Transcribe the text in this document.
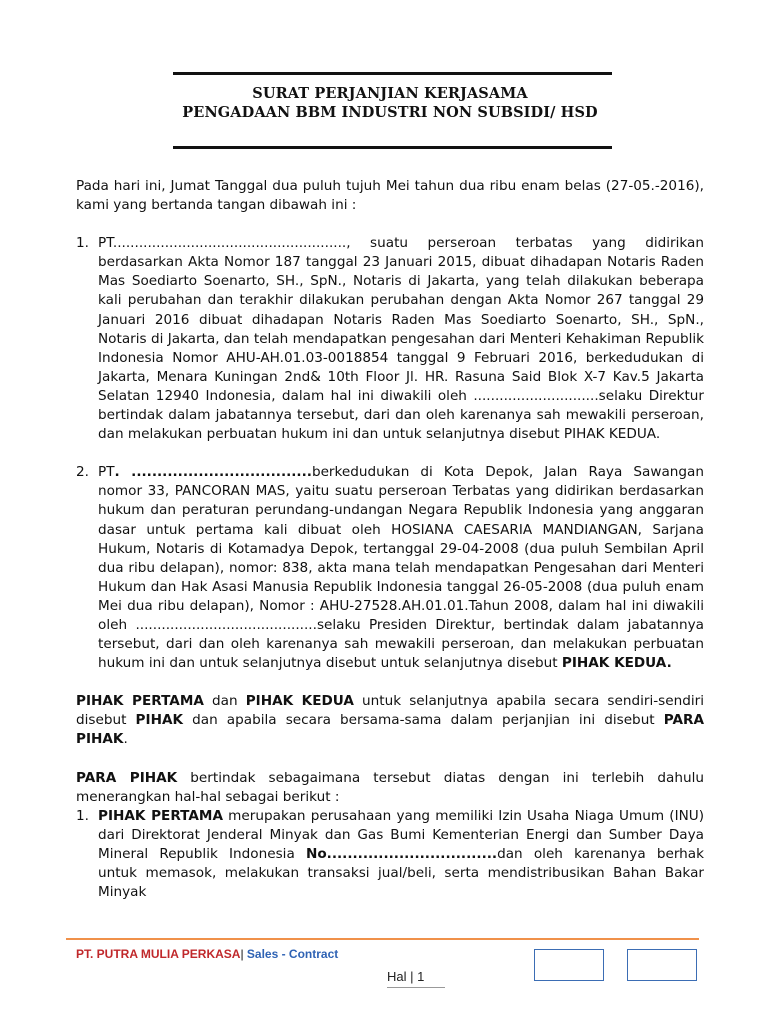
SURAT PERJANJIAN KERJASAMA
PENGADAAN BBM INDUSTRI NON SUBSIDI/ HSD

Pada hari ini, Jumat Tanggal dua puluh tujuh Mei tahun dua ribu enam belas (27-05.-2016), kami yang bertanda tangan dibawah ini :

1. PT......................................................, suatu perseroan terbatas yang didirikan berdasarkan Akta Nomor 187 tanggal 23 Januari 2015, dibuat dihadapan Notaris Raden Mas Soediarto Soenarto, SH., SpN., Notaris di Jakarta, yang telah dilakukan beberapa kali perubahan dan terakhir dilakukan perubahan dengan Akta Nomor 267 tanggal 29 Januari 2016 dibuat dihadapan Notaris Raden Mas Soediarto Soenarto, SH., SpN., Notaris di Jakarta, dan telah mendapatkan pengesahan dari Menteri Kehakiman Republik Indonesia Nomor AHU-AH.01.03-0018854 tanggal 9 Februari 2016, berkedudukan di Jakarta, Menara Kuningan 2nd& 10th Floor Jl. HR. Rasuna Said Blok X-7 Kav.5 Jakarta Selatan 12940 Indonesia, dalam hal ini diwakili oleh .............................selaku Direktur bertindak dalam jabatannya tersebut, dari dan oleh karenanya sah mewakili perseroan, dan melakukan perbuatan hukum ini dan untuk selanjutnya disebut PIHAK KEDUA.
2. PT. ...................................berkedudukan di Kota Depok, Jalan Raya Sawangan nomor 33, PANCORAN MAS, yaitu suatu perseroan Terbatas yang didirikan berdasarkan hukum dan peraturan perundang-undangan Negara Republik Indonesia yang anggaran dasar untuk pertama kali dibuat oleh HOSIANA CAESARIA MANDIANGAN, Sarjana Hukum, Notaris di Kotamadya Depok, tertanggal 29-04-2008 (dua puluh Sembilan April dua ribu delapan), nomor: 838, akta mana telah mendapatkan Pengesahan dari Menteri Hukum dan Hak Asasi Manusia Republik Indonesia tanggal 26-05-2008 (dua puluh enam Mei dua ribu delapan), Nomor : AHU-27528.AH.01.01.Tahun 2008, dalam hal ini diwakili oleh ..........................................selaku Presiden Direktur, bertindak dalam jabatannya tersebut, dari dan oleh karenanya sah mewakili perseroan, dan melakukan perbuatan hukum ini dan untuk selanjutnya disebut untuk selanjutnya disebut PIHAK KEDUA.

PIHAK PERTAMA dan PIHAK KEDUA untuk selanjutnya apabila secara sendiri-sendiri disebut PIHAK dan apabila secara bersama-sama dalam perjanjian ini disebut PARA PIHAK.

PARA PIHAK bertindak sebagaimana tersebut diatas dengan ini terlebih dahulu menerangkan hal-hal sebagai berikut :

1. PIHAK PERTAMA merupakan perusahaan yang memiliki Izin Usaha Niaga Umum (INU) dari Direktorat Jenderal Minyak dan Gas Bumi Kementerian Energi dan Sumber Daya Mineral Republik Indonesia No.................................dan oleh karenanya berhak untuk memasok, melakukan transaksi jual/beli, serta mendistribusikan Bahan Bakar Minyak
PT. PUTRA MULIA PERKASA| Sales - Contract
Hal | 1
